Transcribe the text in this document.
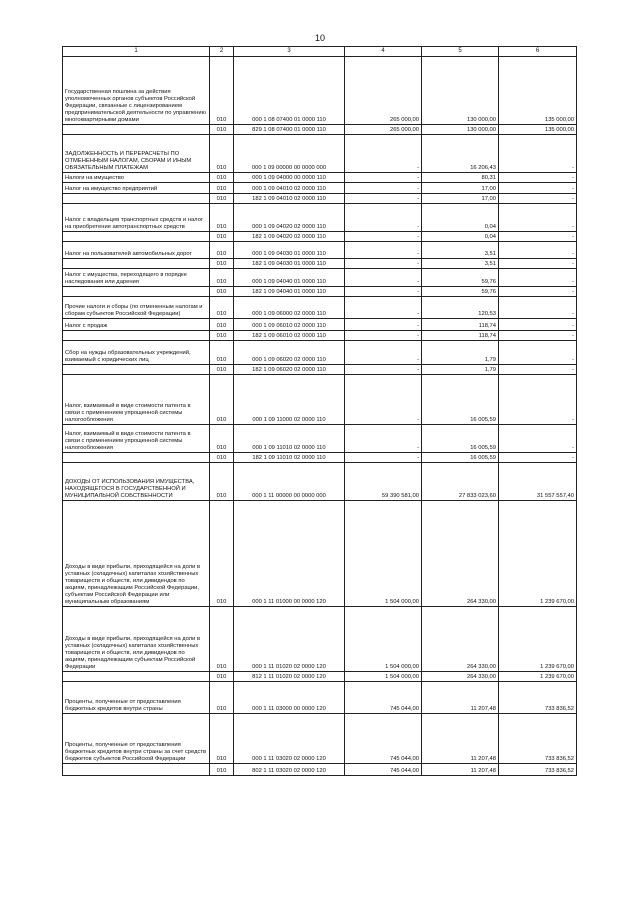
10
1	2	3	4	5	6
Государственная пошлина за действия уполномоченных органов субъектов Российской Федерации, связанные с лицензированием предпринимательской деятельности по управлению многоквартирными домами	010	000 1 08 07400 01 0000 110	265 000,00	130 000,00	135 000,00
	010	829 1 08 07400 01 0000 110	265 000,00	130 000,00	135 000,00
ЗАДОЛЖЕННОСТЬ И ПЕРЕРАСЧЕТЫ ПО ОТМЕНЕННЫМ НАЛОГАМ, СБОРАМ И ИНЫМ ОБЯЗАТЕЛЬНЫМ ПЛАТЕЖАМ	010	000 1 09 00000 00 0000 000	-	16 206,43	-
Налоги на имущество	010	000 1 09 04000 00 0000 110	-	80,31	-
Налог на имущество предприятий	010	000 1 09 04010 02 0000 110	-	17,00	-
	010	182 1 09 04010 02 0000 110	-	17,00	-
Налог с владельцев транспортных средств и налог на приобретение автотранспортных средств	010	000 1 09 04020 02 0000 110	-	0,04	-
	010	182 1 09 04020 02 0000 110	-	0,04	-
Налог на пользователей автомобильных дорог	010	000 1 09 04030 01 0000 110	-	3,51	-
	010	182 1 09 04030 01 0000 110	-	3,51	-
Налог с имущества, переходящего в порядке наследования или дарения	010	000 1 09 04040 01 0000 110	-	59,76	-
	010	182 1 09 04040 01 0000 110	-	59,76	-
Прочие налоги и сборы (по отмененным налогам и сборам субъектов Российской Федерации)	010	000 1 09 06000 02 0000 110	-	120,53	-
Налог с продаж	010	000 1 09 06010 02 0000 110	-	118,74	-
	010	182 1 09 06010 02 0000 110	-	118,74	-
Сбор на нужды образовательных учреждений, взимаемый с юридических лиц	010	000 1 09 06020 02 0000 110	-	1,79	-
	010	182 1 09 06020 02 0000 110	-	1,79	-
Налог, взимаемый в виде стоимости патента в связи с применением упрощенной системы налогообложения	010	000 1 09 11000 02 0000 110	-	16 005,59	-
Налог, взимаемый в виде стоимости патента в связи с применением упрощенной системы налогообложения	010	000 1 09 11010 02 0000 110	-	16 005,59	-
	010	182 1 09 11010 02 0000 110	-	16 005,59	-
ДОХОДЫ ОТ ИСПОЛЬЗОВАНИЯ ИМУЩЕСТВА, НАХОДЯЩЕГОСЯ В ГОСУДАРСТВЕННОЙ И МУНИЦИПАЛЬНОЙ СОБСТВЕННОСТИ	010	000 1 11 00000 00 0000 000	59 390 581,00	27 833 023,60	31 557 557,40
Доходы в виде прибыли, приходящейся на доли в уставных (складочных) капиталах хозяйственных товариществ и обществ, или дивидендов по акциям, принадлежащим Российской Федерации, субъектам Российской Федерации или муниципальным образованиям	010	000 1 11 01000 00 0000 120	1 504 000,00	264 330,00	1 239 670,00
Доходы в виде прибыли, приходящейся на доли в уставных (складочных) капиталах хозяйственных товариществ и обществ, или дивидендов по акциям, принадлежащим субъектам Российской Федерации	010	000 1 11 01020 02 0000 120	1 504 000,00	264 330,00	1 239 670,00
	010	812 1 11 01020 02 0000 120	1 504 000,00	264 330,00	1 239 670,00
Проценты, полученные от предоставления бюджетных кредитов внутри страны	010	000 1 11 03000 00 0000 120	745 044,00	11 207,48	733 836,52
Проценты, полученные от предоставления бюджетных кредитов внутри страны за счет средств бюджетов субъектов Российской Федерации	010	000 1 11 03020 02 0000 120	745 044,00	11 207,48	733 836,52
	010	802 1 11 03020 02 0000 120	745 044,00	11 207,48	733 836,52
